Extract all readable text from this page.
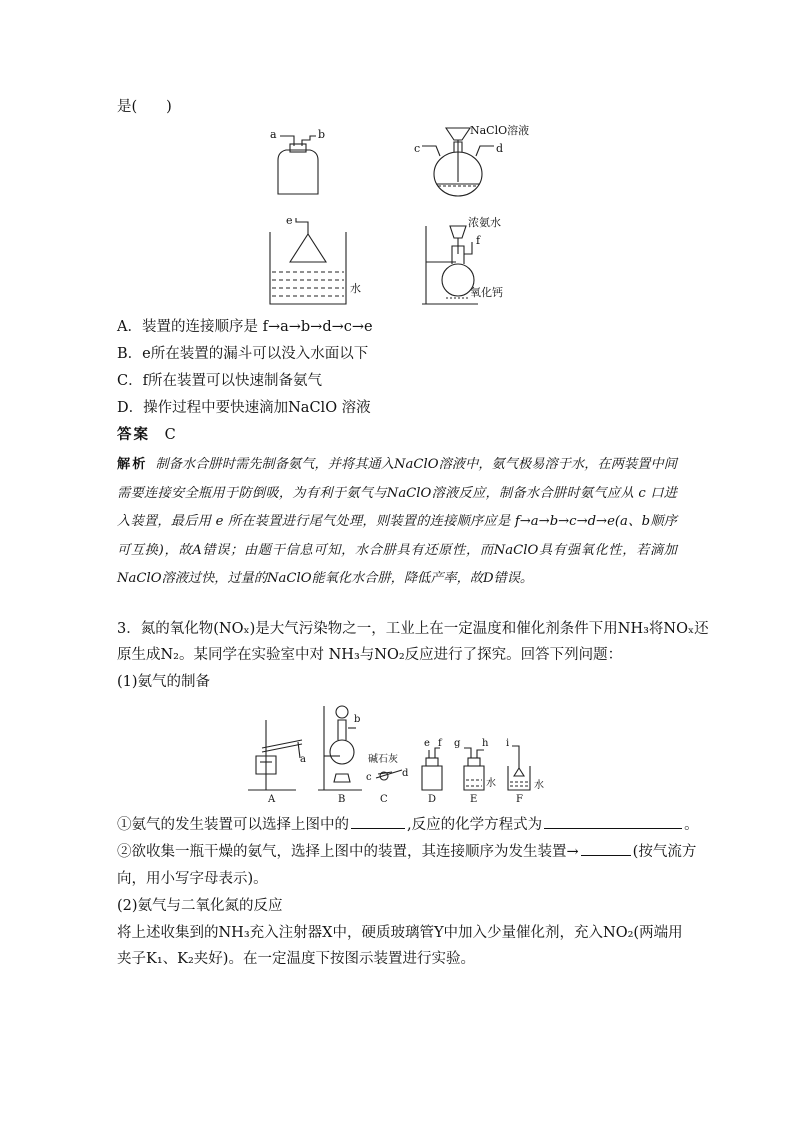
是(　　)
a	b
c	d
NaClO溶液
e
水
浓氨水
f
氧化钙
A．装置的连接顺序是 f→a→b→d→c→e
B．e所在装置的漏斗可以没入水面以下
C．f所在装置可以快速制备氨气
D．操作过程中要快速滴加NaClO 溶液
答案 C
解析 制备水合肼时需先制备氨气，并将其通入NaClO溶液中，氨气极易溶于水，在两装置中间需要连接安全瓶用于防倒吸，为有利于氨气与NaClO溶液反应，制备水合肼时氨气应从 c 口进入装置，最后用 e 所在装置进行尾气处理，则装置的连接顺序应是 f→a→b→c→d→e(a、b顺序可互换)，故A错误；由题干信息可知，水合肼具有还原性，而NaClO具有强氧化性，若滴加NaClO溶液过快，过量的NaClO能氧化水合肼，降低产率，故D错误。
3．氮的氧化物(NOₓ)是大气污染物之一，工业上在一定温度和催化剂条件下用NH₃将NOₓ还
原生成N₂。某同学在实验室中对 NH₃与NO₂反应进行了探究。回答下列问题：
(1)氨气的制备
a
b
c	d
碱石灰
e f g h i
水	水
A	B	C	D	E	F
①氨气的发生装置可以选择上图中的	,反应的化学方程式为	。
②欲收集一瓶干燥的氨气，选择上图中的装置，其连接顺序为发生装置→	(按气流方
向，用小写字母表示)。
(2)氨气与二氧化氮的反应
将上述收集到的NH₃充入注射器X中，硬质玻璃管Y中加入少量催化剂，充入NO₂(两端用
夹子K₁、K₂夹好)。在一定温度下按图示装置进行实验。
